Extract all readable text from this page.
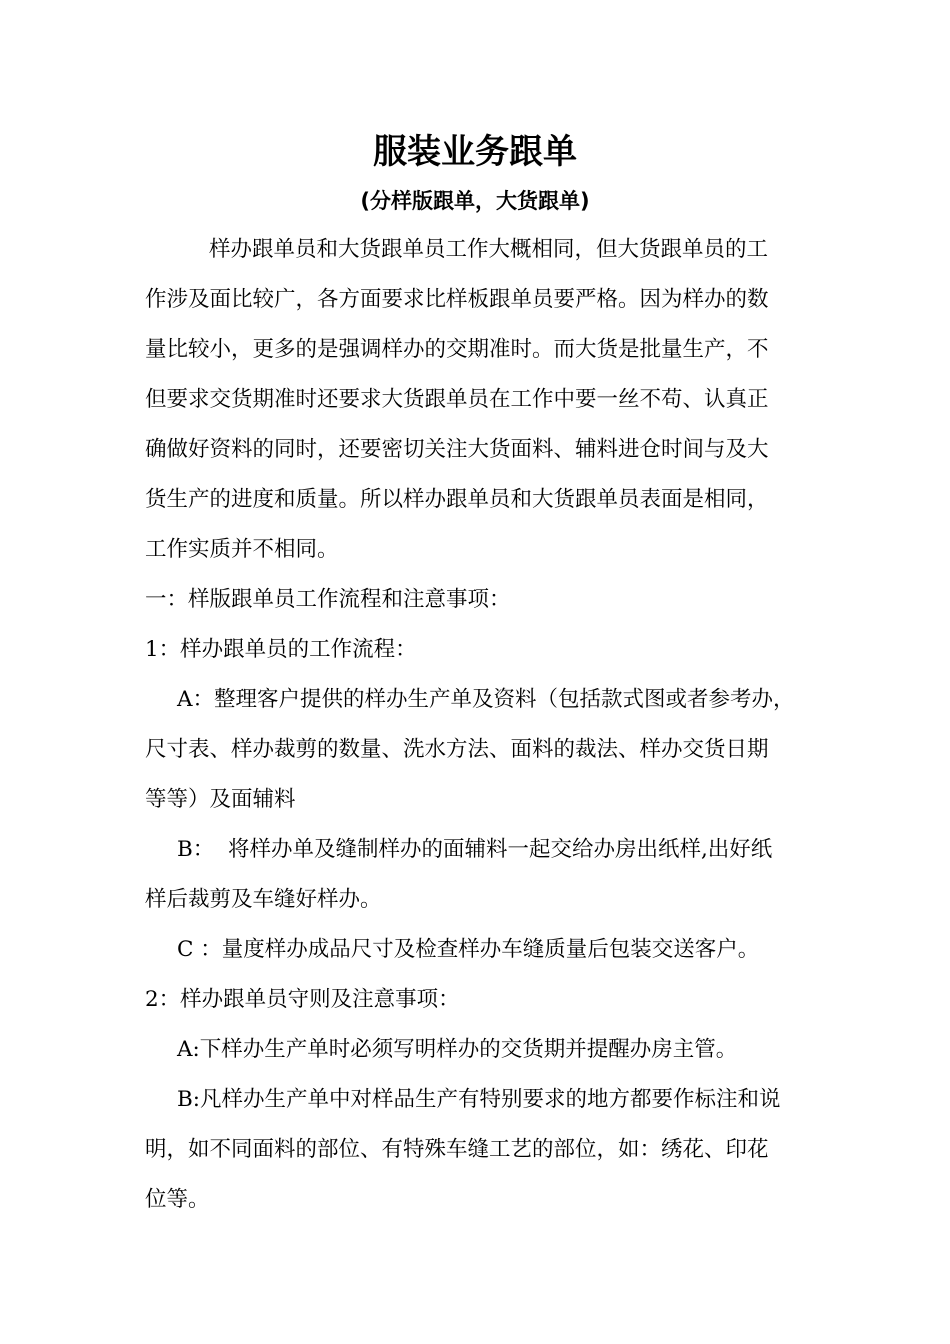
服装业务跟单
(分样版跟单，大货跟单)

样办跟单员和大货跟单员工作大概相同，但大货跟单员的工
作涉及面比较广，各方面要求比样板跟单员要严格。因为样办的数
量比较小，更多的是强调样办的交期准时。而大货是批量生产，不
但要求交货期准时还要求大货跟单员在工作中要一丝不苟、认真正
确做好资料的同时，还要密切关注大货面料、辅料进仓时间与及大
货生产的进度和质量。所以样办跟单员和大货跟单员表面是相同，
工作实质并不相同。

一：样版跟单员工作流程和注意事项：

1：样办跟单员的工作流程：

A：整理客户提供的样办生产单及资料（包括款式图或者参考办，
尺寸表、样办裁剪的数量、洗水方法、面料的裁法、样办交货日期
等等）及面辅料

B：  将样办单及缝制样办的面辅料一起交给办房出纸样,出好纸
样后裁剪及车缝好样办。

C ：量度样办成品尺寸及检查样办车缝质量后包装交送客户。

2：样办跟单员守则及注意事项：

A:下样办生产单时必须写明样办的交货期并提醒办房主管。

B:凡样办生产单中对样品生产有特别要求的地方都要作标注和说
明，如不同面料的部位、有特殊车缝工艺的部位，如：绣花、印花
位等。
